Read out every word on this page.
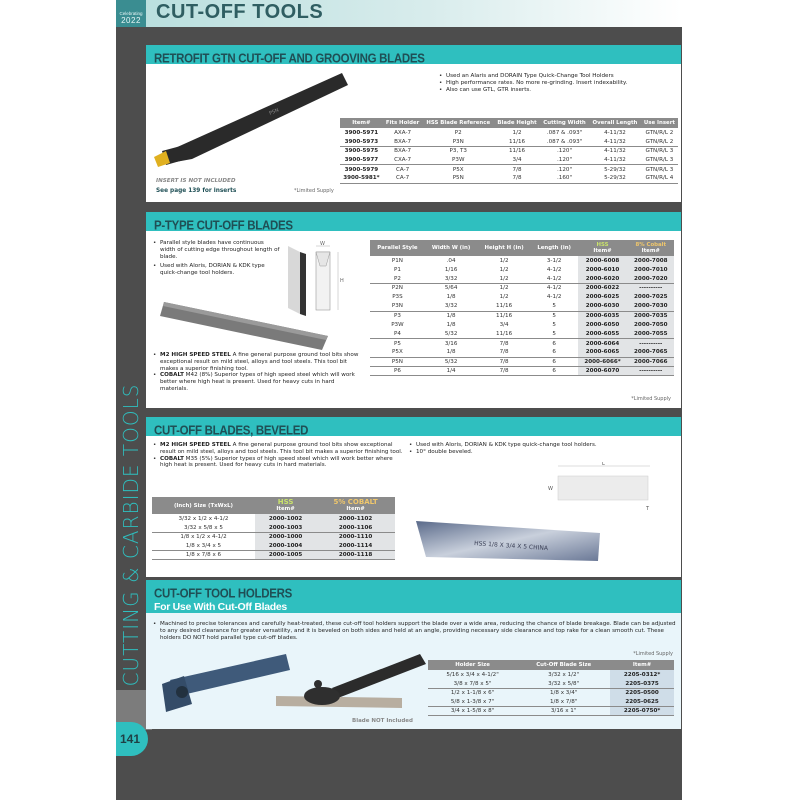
Celebrating
2022 CUT-OFF TOOLS
CUTTING & CARBIDE TOOLS
141
RETROFIT GTN CUT-OFF AND GROOVING BLADES
P5N
INSERT IS NOT INCLUDED
See page 139 for inserts	*Limited Supply
• Used an Alaris and DORAIN Type Quick-Change Tool Holders
• High performance rates. No more re-grinding. Insert indexability.
• Also can use GTL, GTR inserts.
Item#	Fits Holder	HSS Blade Reference	Blade Height	Cutting Width	Overall Length	Use Insert
3900-5971	AXA-7	P2	1/2	.087 & .093"	4-11/32	GTN/R/L 2
3900-5973	BXA-7	P3N	11/16	.087 & .093"	4-11/32	GTN/R/L 2
3900-5975	BXA-7	P3, T3	11/16	.120"	4-11/32	GTN/R/L 3
3900-5977	CXA-7	P3W	3/4	.120"	4-11/32	GTN/R/L 3
3900-5979	CA-7	P5X	7/8	.120"	5-29/32	GTN/R/L 3
3900-5981*	CA-7	P5N	7/8	.160"	5-29/32	GTN/R/L 4
P-TYPE CUT-OFF BLADES
• Parallel style blades have continuous width of cutting edge throughout length of blade.
• Used with Aloris, DORIAN & KDK type quick-change tool holders.
W
H
• M2 HIGH SPEED STEEL A fine general purpose ground tool bits show exceptional result on mild steel, alloys and tool steels. This tool bit makes a superior finishing tool.
• COBALT M42 (8%) Superior types of high speed steel which will work better where high heat is present. Used for heavy cuts in hard materials.
Parallel Style	Width W (in)	Height H (in)	Length (in)	HSS
Item#	8% Cobalt
Item#
P1N	.04	1/2	3-1/2	2000-6008	2000-7008
P1	1/16	1/2	4-1/2	2000-6010	2000-7010
P2	3/32	1/2	4-1/2	2000-6020	2000-7020
P2N	5/64	1/2	4-1/2	2000-6022	----------
P3S	1/8	1/2	4-1/2	2000-6025	2000-7025
P3N	3/32	11/16	5	2000-6030	2000-7030
P3	1/8	11/16	5	2000-6035	2000-7035
P3W	1/8	3/4	5	2000-6050	2000-7050
P4	5/32	11/16	5	2000-6055	2000-7055
P5	3/16	7/8	6	2000-6064	----------
P5X	1/8	7/8	6	2000-6065	2000-7065
P5N	5/32	7/8	6	2000-6066*	2000-7066
P6	1/4	7/8	6	2000-6070	----------
*Limited Supply
CUT-OFF BLADES, BEVELED
• M2 HIGH SPEED STEEL A fine general purpose ground tool bits show exceptional result on mild steel, alloys and tool steels. This tool bit makes a superior finishing tool.
• COBALT M35 (5%) Superior types of high speed steel which will work better where high heat is present. Used for heavy cuts in hard materials.
• Used with Aloris, DORIAN & KDK type quick-change tool holders.
• 10° double beveled.
L
W
T
HSS 1/8 X 3/4 X 5 CHINA
(Inch) Size (TxWxL)	HSS
Item#	5% COBALT
Item#
3/32 x 1/2 x 4-1/2	2000-1002	2000-1102
3/32 x 5/8 x 5	2000-1003	2000-1106
1/8 x 1/2 x 4-1/2	2000-1000	2000-1110
1/8 x 3/4 x 5	2000-1004	2000-1114
1/8 x 7/8 x 6	2000-1005	2000-1118
CUT-OFF TOOL HOLDERS
For Use With Cut-Off Blades
• Machined to precise tolerances and carefully heat-treated, these cut-off tool holders support the blade over a wide area, reducing the chance of blade breakage. Blade can be adjusted to any desired clearance for greater versatility, and it is beveled on both sides and held at an angle, providing necessary side clearance and top rake for a clean smooth cut. These holders DO NOT hold parallel type cut-off blades.
*Limited Supply
Blade NOT Included
Holder Size	Cut-Off Blade Size	Item#
5/16 x 3/4 x 4-1/2"	3/32 x 1/2"	2205-0312*
3/8 x 7/8 x 5"	3/32 x 5/8"	2205-0375
1/2 x 1-1/8 x 6"	1/8 x 3/4"	2205-0500
5/8 x 1-3/8 x 7"	1/8 x 7/8"	2205-0625
3/4 x 1-5/8 x 8"	3/16 x 1"	2205-0750*
